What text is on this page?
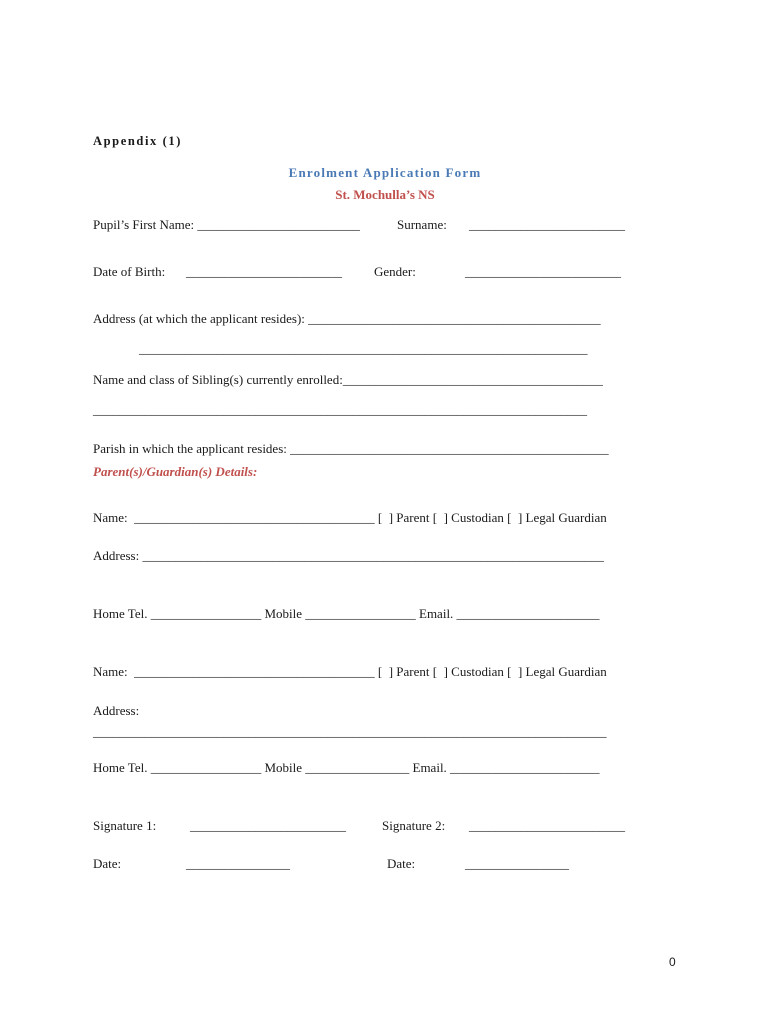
Appendix (1)
Enrolment Application Form
St. Mochulla’s NS
Pupil’s First Name: _________________________	Surname: ________________________
Date of Birth: ________________________ Gender:	________________________
Address (at which the applicant resides): _____________________________________________
_____________________________________________________________________
Name and class of Sibling(s) currently enrolled:________________________________________
____________________________________________________________________________
Parish in which the applicant resides: _________________________________________________
Parent(s)/Guardian(s) Details:
Name:  _____________________________________ [  ] Parent [  ] Custodian [  ] Legal Guardian
Address: _______________________________________________________________________
Home Tel. _________________ Mobile _________________ Email. ______________________
Name:  _____________________________________ [  ] Parent [  ] Custodian [  ] Legal Guardian
Address:
_______________________________________________________________________________
Home Tel. _________________ Mobile ________________ Email. _______________________
Signature 1:	________________________	Signature 2: ________________________
Date:	________________	Date:	________________
0
